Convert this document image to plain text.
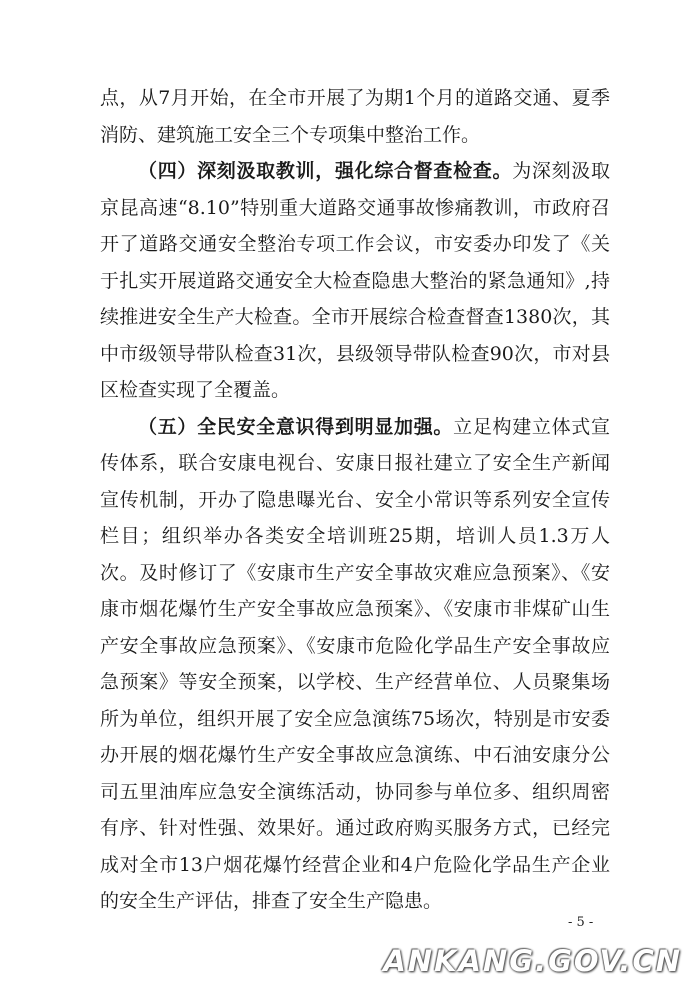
点，从7月开始，在全市开展了为期1个月的道路交通、夏季消防、建筑施工安全三个专项集中整治工作。

（四）深刻汲取教训，强化综合督查检查。为深刻汲取京昆高速“8.10”特别重大道路交通事故惨痛教训，市政府召开了道路交通安全整治专项工作会议，市安委办印发了《关于扎实开展道路交通安全大检查隐患大整治的紧急通知》,持续推进安全生产大检查。全市开展综合检查督查1380次，其中市级领导带队检查31次，县级领导带队检查90次，市对县区检查实现了全覆盖。

（五）全民安全意识得到明显加强。立足构建立体式宣传体系，联合安康电视台、安康日报社建立了安全生产新闻宣传机制，开办了隐患曝光台、安全小常识等系列安全宣传栏目；组织举办各类安全培训班25期，培训人员1.3万人次。及时修订了《安康市生产安全事故灾难应急预案》、《安康市烟花爆竹生产安全事故应急预案》、《安康市非煤矿山生产安全事故应急预案》、《安康市危险化学品生产安全事故应急预案》等安全预案，以学校、生产经营单位、人员聚集场所为单位，组织开展了安全应急演练75场次，特别是市安委办开展的烟花爆竹生产安全事故应急演练、中石油安康分公司五里油库应急安全演练活动，协同参与单位多、组织周密有序、针对性强、效果好。通过政府购买服务方式，已经完成对全市13户烟花爆竹经营企业和4户危险化学品生产企业的安全生产评估，排查了安全生产隐患。

- 5 -
ANKANG.GOV.CN
